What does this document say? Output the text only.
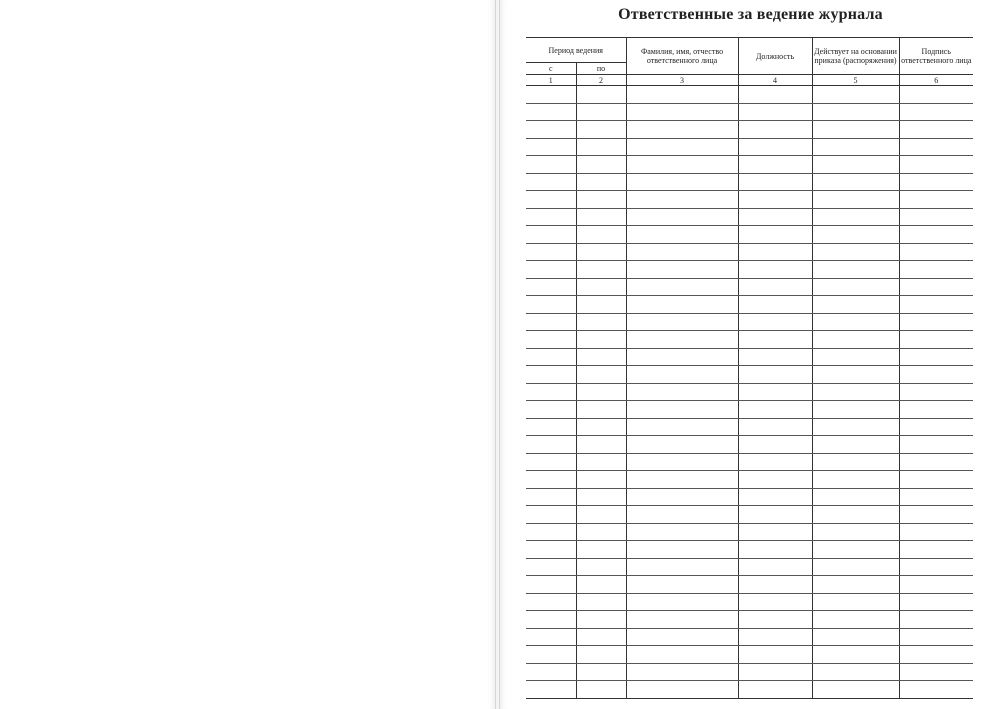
Ответственные за ведение журнала
Период ведения		Фамилия, имя, отчество ответственного лица	Должность	Действует на основании приказа (распоряжения)	Подпись ответственного лица
с	по				
1	2	3	4	5	6
